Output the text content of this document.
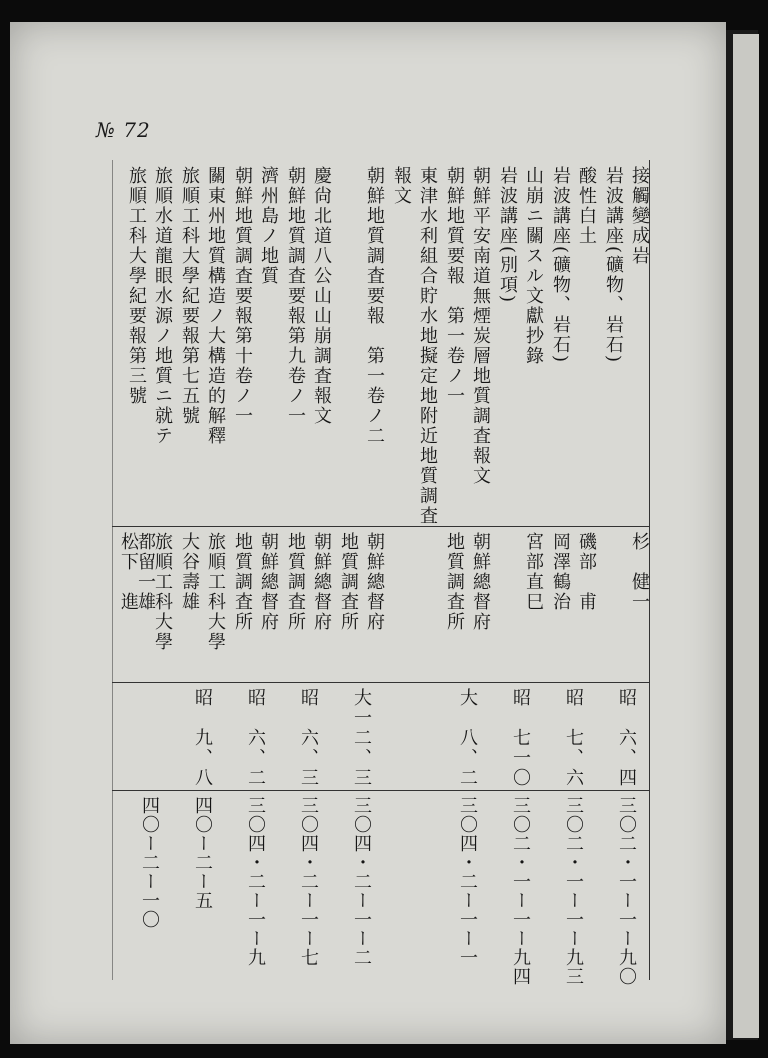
№ 72
接觸變成岩
岩波講座(礦物、岩石)
杉　健一
昭　六、四
三〇二・一ー一ー九〇
酸性白土
岩波講座(礦物、岩石)
磯部　甫
岡澤鶴治
昭　七、六
三〇二・一ー一ー九三
山崩ニ關スル文獻抄錄
岩波講座(別項)
宮部直巳
昭　七一〇
三〇二・一ー一ー九四
朝鮮平安南道無煙炭層地質調査報文
朝鮮地質要報　第一卷ノ一
朝鮮總督府
地質調査所
大　八、二
三〇四・二ー一ー一
東津水利組合貯水地擬定地附近地質調査
報文
朝鮮地質調査要報　第一卷ノ二
朝鮮總督府
地質調査所
大一二、三
三〇四・二ー一ー二
慶尙北道八公山山崩調査報文
朝鮮地質調査要報第九卷ノ一
朝鮮總督府
地質調査所
昭　六、三
三〇四・二ー一ー七
濟州島ノ地質
朝鮮地質調査要報第十卷ノ一
朝鮮總督府
地質調査所
昭　六、二
三〇四・二ー一ー九
關東州地質構造ノ大構造的解釋
旅順工科大學紀要報第七五號
旅順工科大學
大谷壽雄
昭　九、八
四〇ー二ー五
旅順水道龍眼水源ノ地質ニ就テ
旅順工科大學紀要報第三號
旅順工科大學
都留一雄
松下　進
四〇ー二ー一〇
